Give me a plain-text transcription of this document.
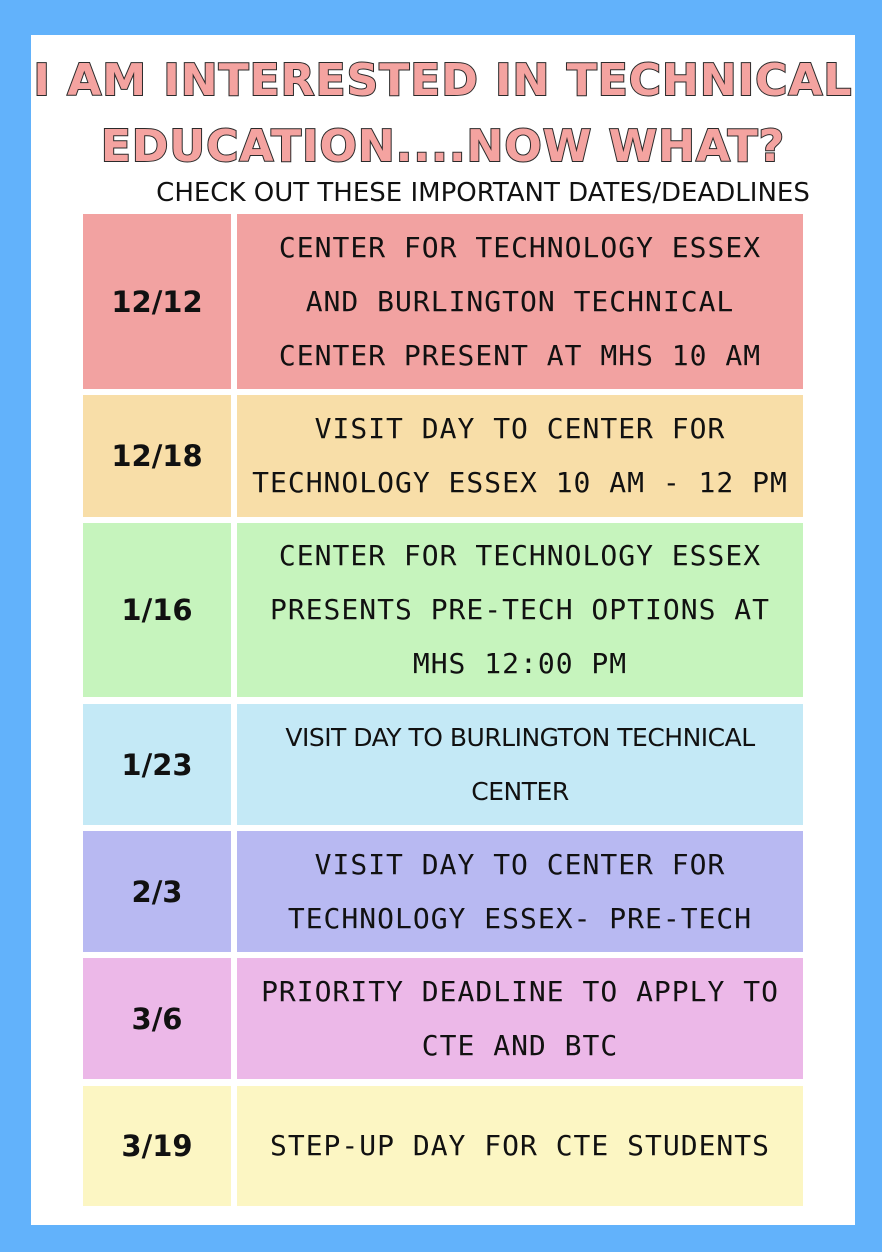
I AM INTERESTED IN TECHNICAL
EDUCATION....NOW WHAT?
CHECK OUT THESE IMPORTANT DATES/DEADLINES
12/12
CENTER FOR TECHNOLOGY ESSEX AND BURLINGTON TECHNICAL CENTER PRESENT AT MHS 10 AM
12/18
VISIT DAY TO CENTER FOR TECHNOLOGY ESSEX 10 AM - 12 PM
1/16
CENTER FOR TECHNOLOGY ESSEX PRESENTS PRE-TECH OPTIONS AT MHS 12:00 PM
1/23
VISIT DAY TO BURLINGTON TECHNICAL CENTER
2/3
VISIT DAY TO CENTER FOR TECHNOLOGY ESSEX- PRE-TECH
3/6
PRIORITY DEADLINE TO APPLY TO CTE AND BTC
3/19	STEP-UP DAY FOR CTE STUDENTS
